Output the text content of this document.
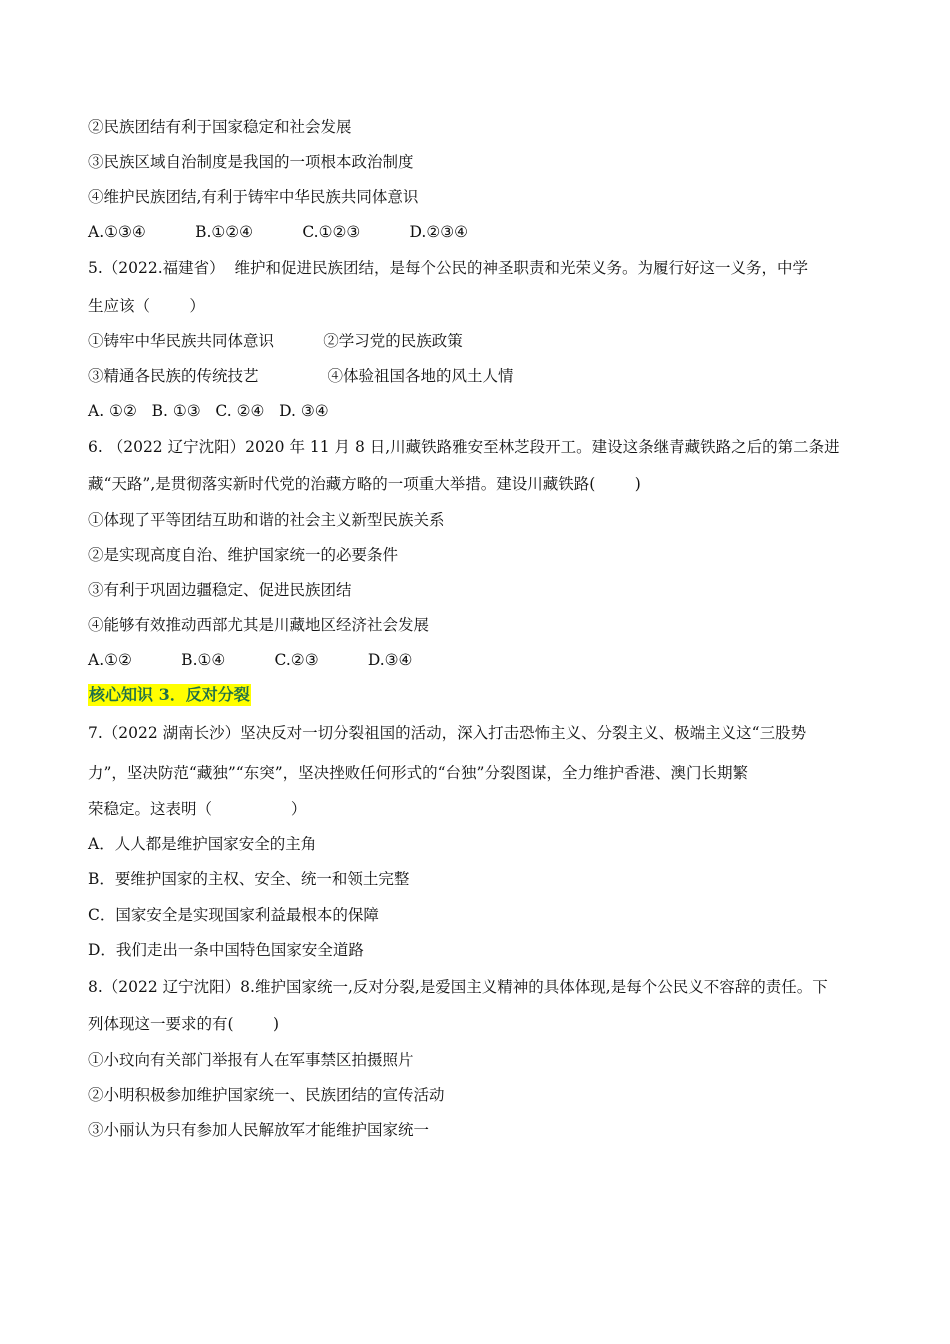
②民族团结有利于国家稳定和社会发展
③民族区域自治制度是我国的一项根本政治制度
④维护民族团结,有利于铸牢中华民族共同体意识
A.①③④          B.①②④          C.①②③          D.②③④
5.（2022.福建省）  维护和促进民族团结，是每个公民的神圣职责和光荣义务。为履行好这一义务，中学
生应该（        ）
①铸牢中华民族共同体意识          ②学习党的民族政策
③精通各民族的传统技艺              ④体验祖国各地的风土人情
A. ①②   B. ①③   C. ②④   D. ③④
6. （2022 辽宁沈阳）2020 年 11 月 8 日,川藏铁路雅安至林芝段开工。建设这条继青藏铁路之后的第二条进
藏“天路”,是贯彻落实新时代党的治藏方略的一项重大举措。建设川藏铁路(        )
①体现了平等团结互助和谐的社会主义新型民族关系
②是实现高度自治、维护国家统一的必要条件
③有利于巩固边疆稳定、促进民族团结
④能够有效推动西部尤其是川藏地区经济社会发展
A.①②          B.①④          C.②③          D.③④
核心知识 3．反对分裂
7.（2022 湖南长沙）坚决反对一切分裂祖国的活动，深入打击恐怖主义、分裂主义、极端主义这“三股势
力”，坚决防范“藏独”“东突”，坚决挫败任何形式的“台独”分裂图谋，全力维护香港、澳门长期繁
荣稳定。这表明（                ）
A．人人都是维护国家安全的主角
B．要维护国家的主权、安全、统一和领土完整
C．国家安全是实现国家利益最根本的保障
D．我们走出一条中国特色国家安全道路
8.（2022 辽宁沈阳）8.维护国家统一,反对分裂,是爱国主义精神的具体体现,是每个公民义不容辞的责任。下
列体现这一要求的有(        )
①小玟向有关部门举报有人在军事禁区拍摄照片
②小明积极参加维护国家统一、民族团结的宣传活动
③小丽认为只有参加人民解放军才能维护国家统一
